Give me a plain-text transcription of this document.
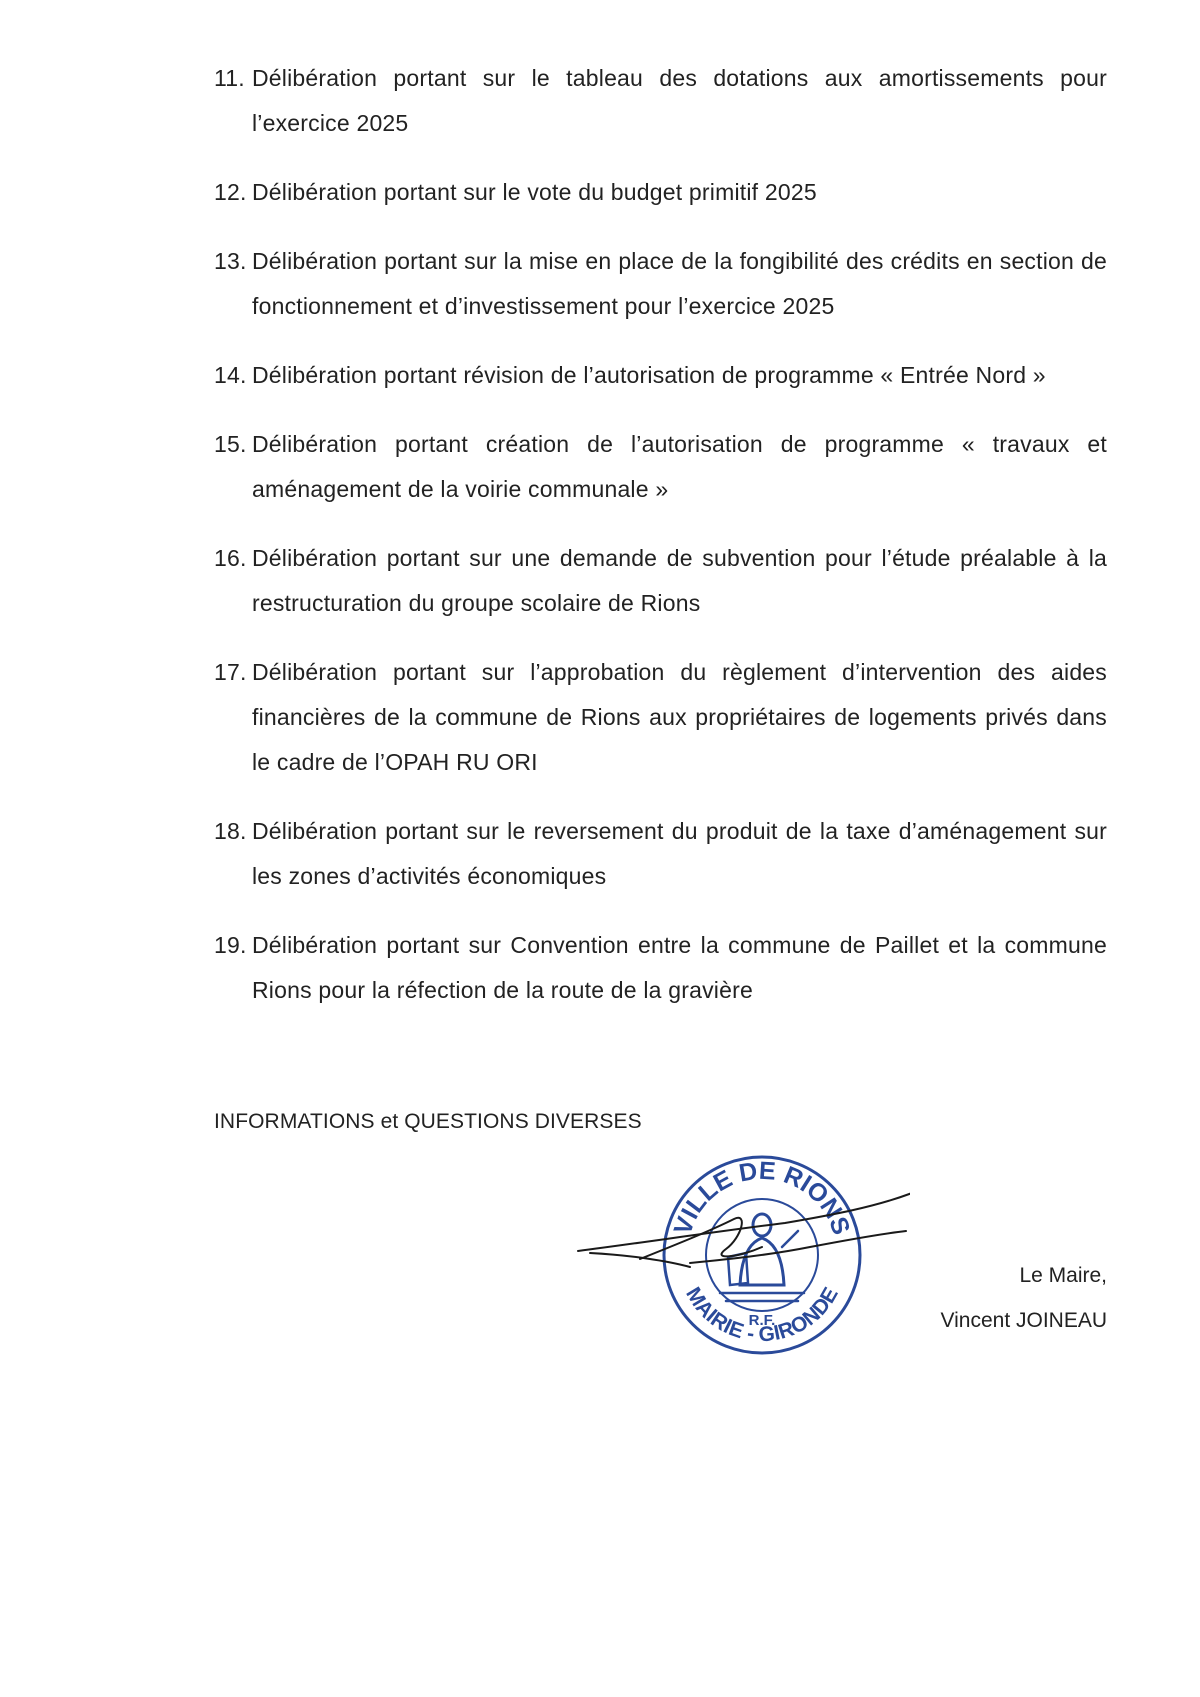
11. Délibération portant sur le tableau des dotations aux amortissements pour l’exercice 2025
12. Délibération portant sur le vote du budget primitif 2025
13. Délibération portant sur la mise en place de la fongibilité des crédits en section de fonctionnement et d’investissement pour l’exercice 2025
14. Délibération portant révision de l’autorisation de programme « Entrée Nord »
15. Délibération portant création de l’autorisation de programme « travaux et aménagement de la voirie communale »
16. Délibération portant sur une demande de subvention pour l’étude préalable à la restructuration du groupe scolaire de Rions
17. Délibération portant sur l’approbation du règlement d’intervention des aides financières de la commune de Rions aux propriétaires de logements privés dans le cadre de l’OPAH RU ORI
18. Délibération portant sur le reversement du produit de la taxe d’aménagement sur les zones d’activités économiques
19. Délibération portant sur Convention entre la commune de Paillet et la commune Rions pour la réfection de la route de la gravière

INFORMATIONS et QUESTIONS DIVERSES

VILLE DE RIONS
MAIRIE - GIRONDE
R.F.
Le Maire,
Vincent JOINEAU
